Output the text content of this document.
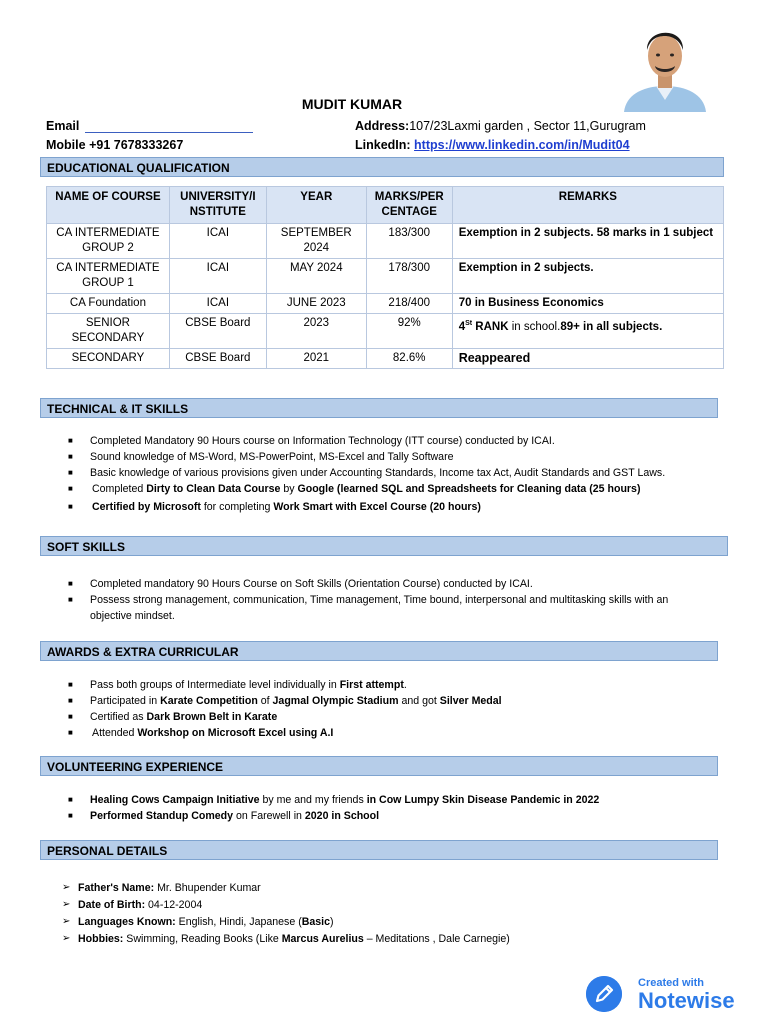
MUDIT KUMAR
Email
Mobile +91 7678333267
Address:107/23Laxmi garden , Sector 11,Gurugram
LinkedIn: https://www.linkedin.com/in/Mudit04
EDUCATIONAL QUALIFICATION
NAME OF COURSE	UNIVERSITY/I NSTITUTE	YEAR	MARKS/PER CENTAGE	REMARKS
CA INTERMEDIATE GROUP 2	ICAI	SEPTEMBER 2024	183/300	Exemption in 2 subjects. 58 marks in 1 subject
CA INTERMEDIATE GROUP 1	ICAI	MAY 2024	178/300	Exemption in 2 subjects.
CA Foundation	ICAI	JUNE 2023	218/400	70 in Business Economics
SENIOR SECONDARY	CBSE Board	2023	92%	4St RANK in school.89+ in all subjects.
SECONDARY	CBSE Board	2021	82.6%	Reappeared
TECHNICAL & IT SKILLS
■ Completed Mandatory 90 Hours course on Information Technology (ITT course) conducted by ICAI.
■ Sound knowledge of MS-Word, MS-PowerPoint, MS-Excel and Tally Software
■ Basic knowledge of various provisions given under Accounting Standards, Income tax Act, Audit Standards and GST Laws.
■ Completed Dirty to Clean Data Course by Google (learned SQL and Spreadsheets for Cleaning data (25 hours)
■ Certified by Microsoft for completing Work Smart with Excel Course (20 hours)
SOFT SKILLS
■ Completed mandatory 90 Hours Course on Soft Skills (Orientation Course) conducted by ICAI.
■ Possess strong management, communication, Time management, Time bound, interpersonal and multitasking skills with an
objective mindset.
AWARDS & EXTRA CURRICULAR
■ Pass both groups of Intermediate level individually in First attempt.
■ Participated in Karate Competition of Jagmal Olympic Stadium and got Silver Medal
■ Certified as Dark Brown Belt in Karate
■ Attended Workshop on Microsoft Excel using A.I
VOLUNTEERING EXPERIENCE
■ Healing Cows Campaign Initiative by me and my friends in Cow Lumpy Skin Disease Pandemic in 2022
■ Performed Standup Comedy on Farewell in 2020 in School
PERSONAL DETAILS
➢ Father's Name: Mr. Bhupender Kumar
➢ Date of Birth: 04-12-2004
➢ Languages Known: English, Hindi, Japanese (Basic)
➢ Hobbies: Swimming, Reading Books (Like Marcus Aurelius – Meditations , Dale Carnegie)
Created with
Notewise
